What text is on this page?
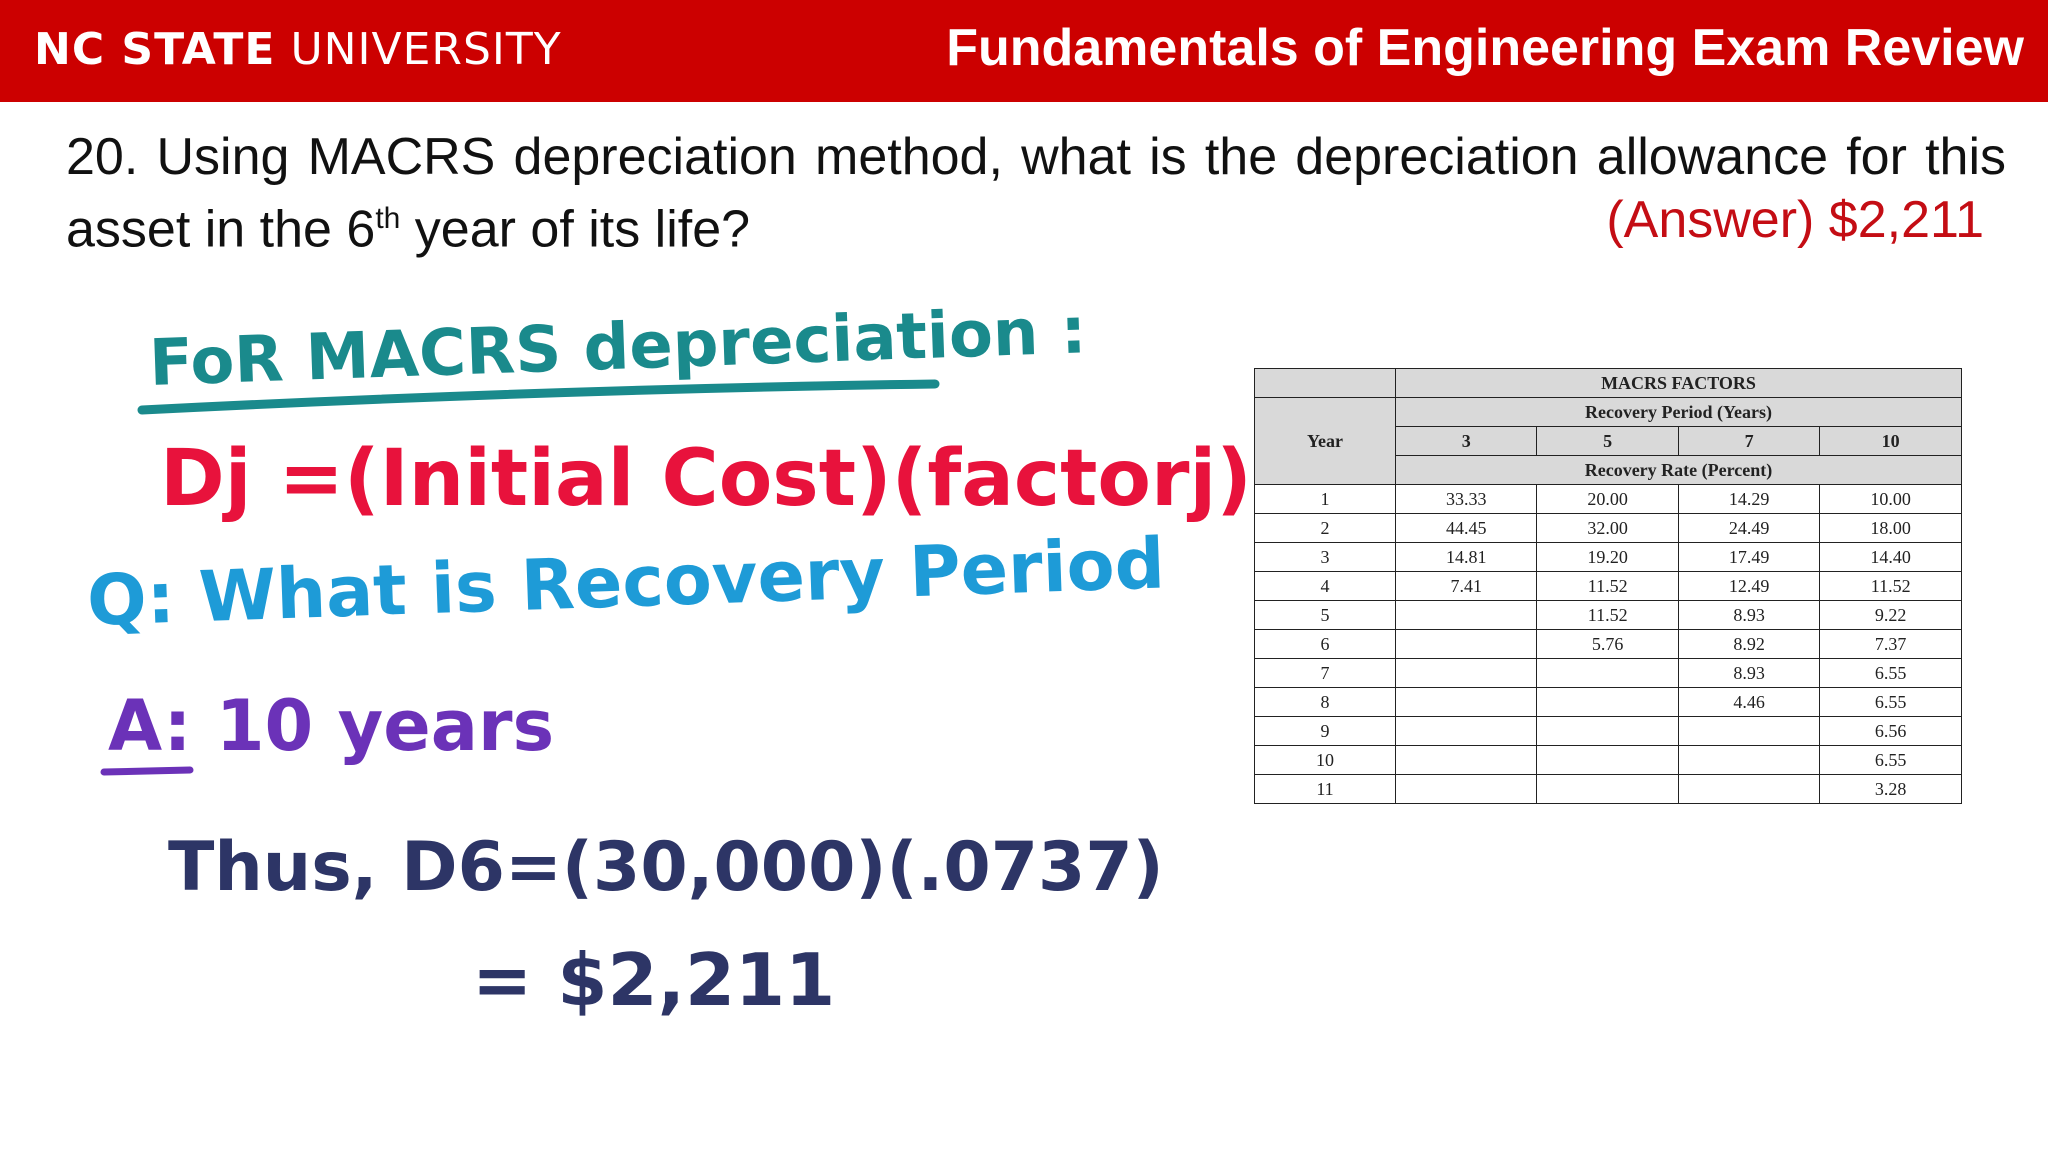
NC STATE UNIVERSITY	Fundamentals of Engineering Exam Review
20. Using MACRS depreciation method, what is the depreciation allowance for this asset in the 6th year of its life?	(Answer) $2,211
FoR MACRS depreciation :
Dj =(Initial Cost)(factorj)
Q: What is Recovery Period
A: 10 years
Thus, D6=(30,000)(.0737)
= $2,211
	MACRS FACTORS			
Year	Recovery Period (Years)			
	3	5	7	10
	Recovery Rate (Percent)			
1	33.33	20.00	14.29	10.00
2	44.45	32.00	24.49	18.00
3	14.81	19.20	17.49	14.40
4	7.41	11.52	12.49	11.52
5		11.52	8.93	9.22
6		5.76	8.92	7.37
7			8.93	6.55
8			4.46	6.55
9				6.56
10				6.55
11				3.28
